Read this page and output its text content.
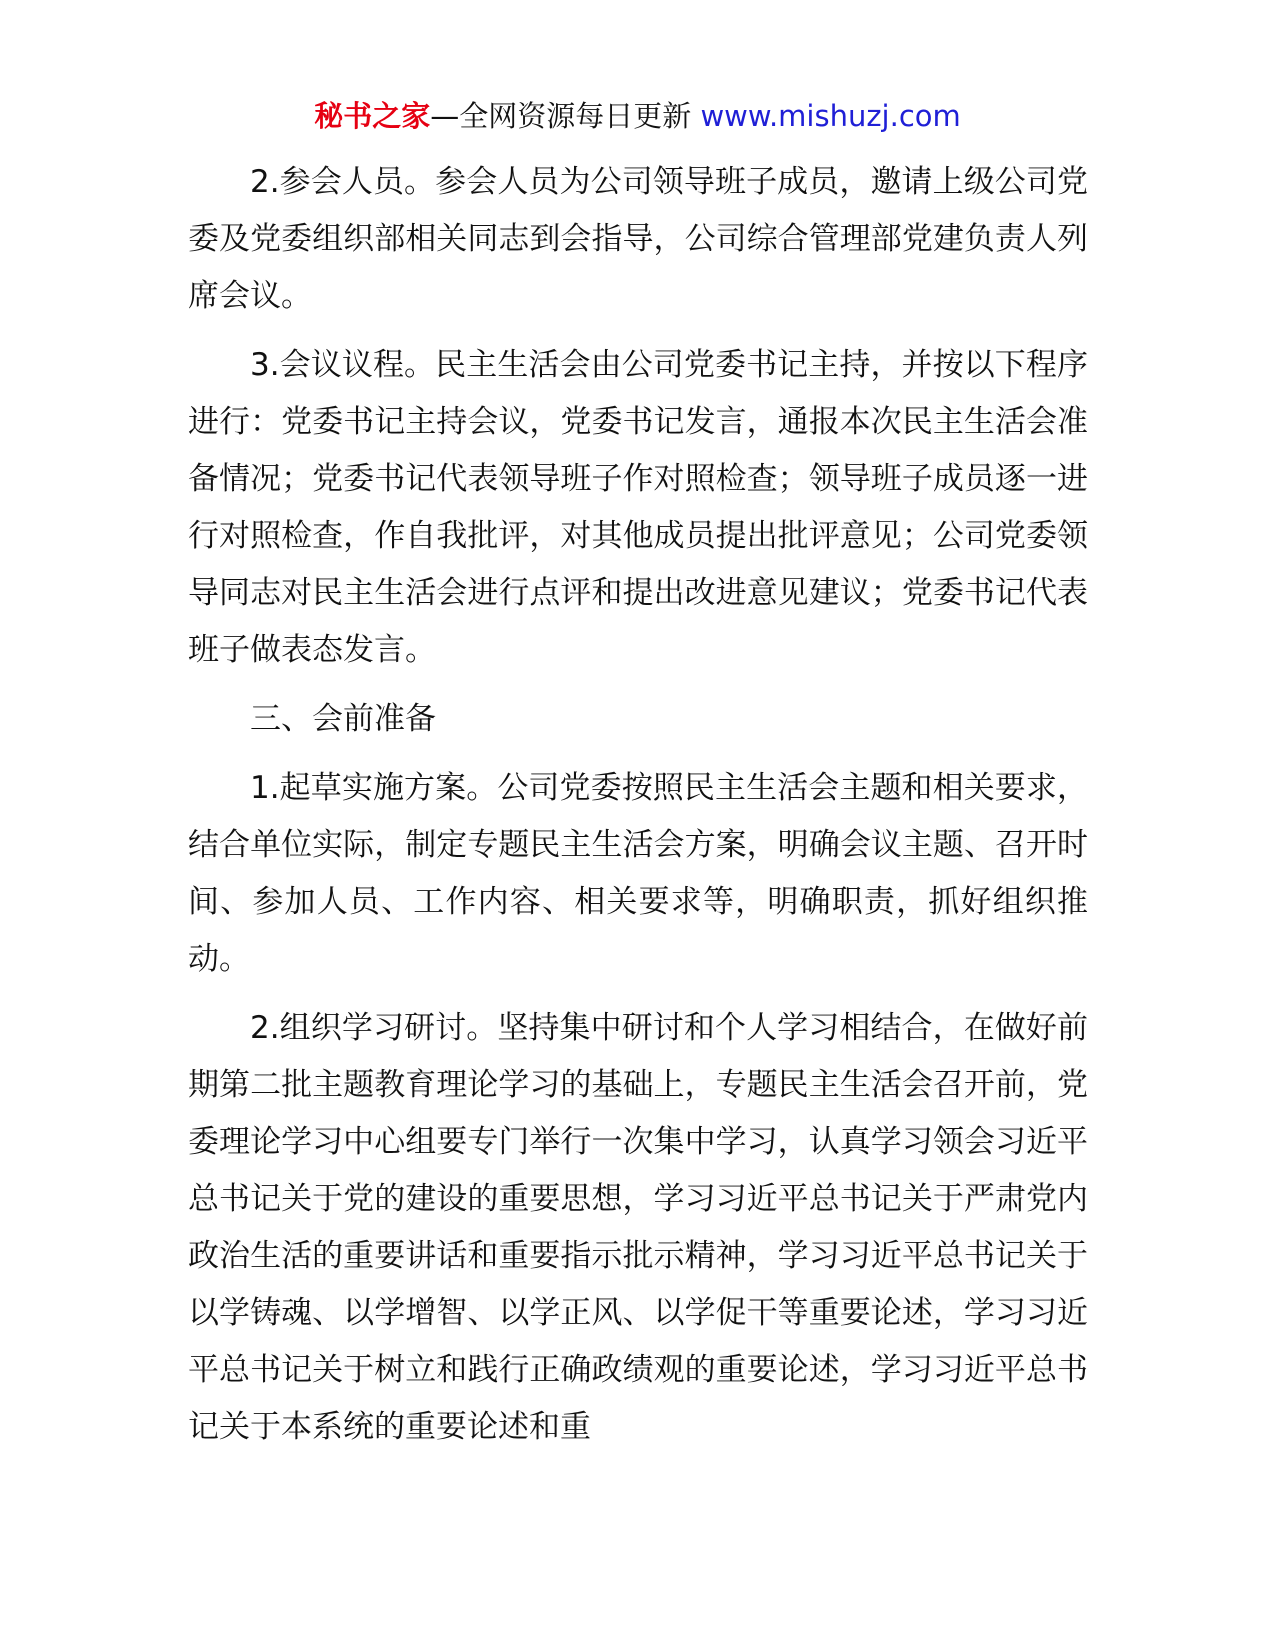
秘书之家—全网资源每日更新 www.mishuzj.com

2.参会人员。参会人员为公司领导班子成员，邀请上级公司党委及党委组织部相关同志到会指导，公司综合管理部党建负责人列席会议。

3.会议议程。民主生活会由公司党委书记主持，并按以下程序进行：党委书记主持会议，党委书记发言，通报本次民主生活会准备情况；党委书记代表领导班子作对照检查；领导班子成员逐一进行对照检查，作自我批评，对其他成员提出批评意见；公司党委领导同志对民主生活会进行点评和提出改进意见建议；党委书记代表班子做表态发言。

三、会前准备

1.起草实施方案。公司党委按照民主生活会主题和相关要求，结合单位实际，制定专题民主生活会方案，明确会议主题、召开时间、参加人员、工作内容、相关要求等，明确职责，抓好组织推动。

2.组织学习研讨。坚持集中研讨和个人学习相结合，在做好前期第二批主题教育理论学习的基础上，专题民主生活会召开前，党委理论学习中心组要专门举行一次集中学习，认真学习领会习近平总书记关于党的建设的重要思想，学习习近平总书记关于严肃党内政治生活的重要讲话和重要指示批示精神，学习习近平总书记关于以学铸魂、以学增智、以学正风、以学促干等重要论述，学习习近平总书记关于树立和践行正确政绩观的重要论述，学习习近平总书记关于本系统的重要论述和重
